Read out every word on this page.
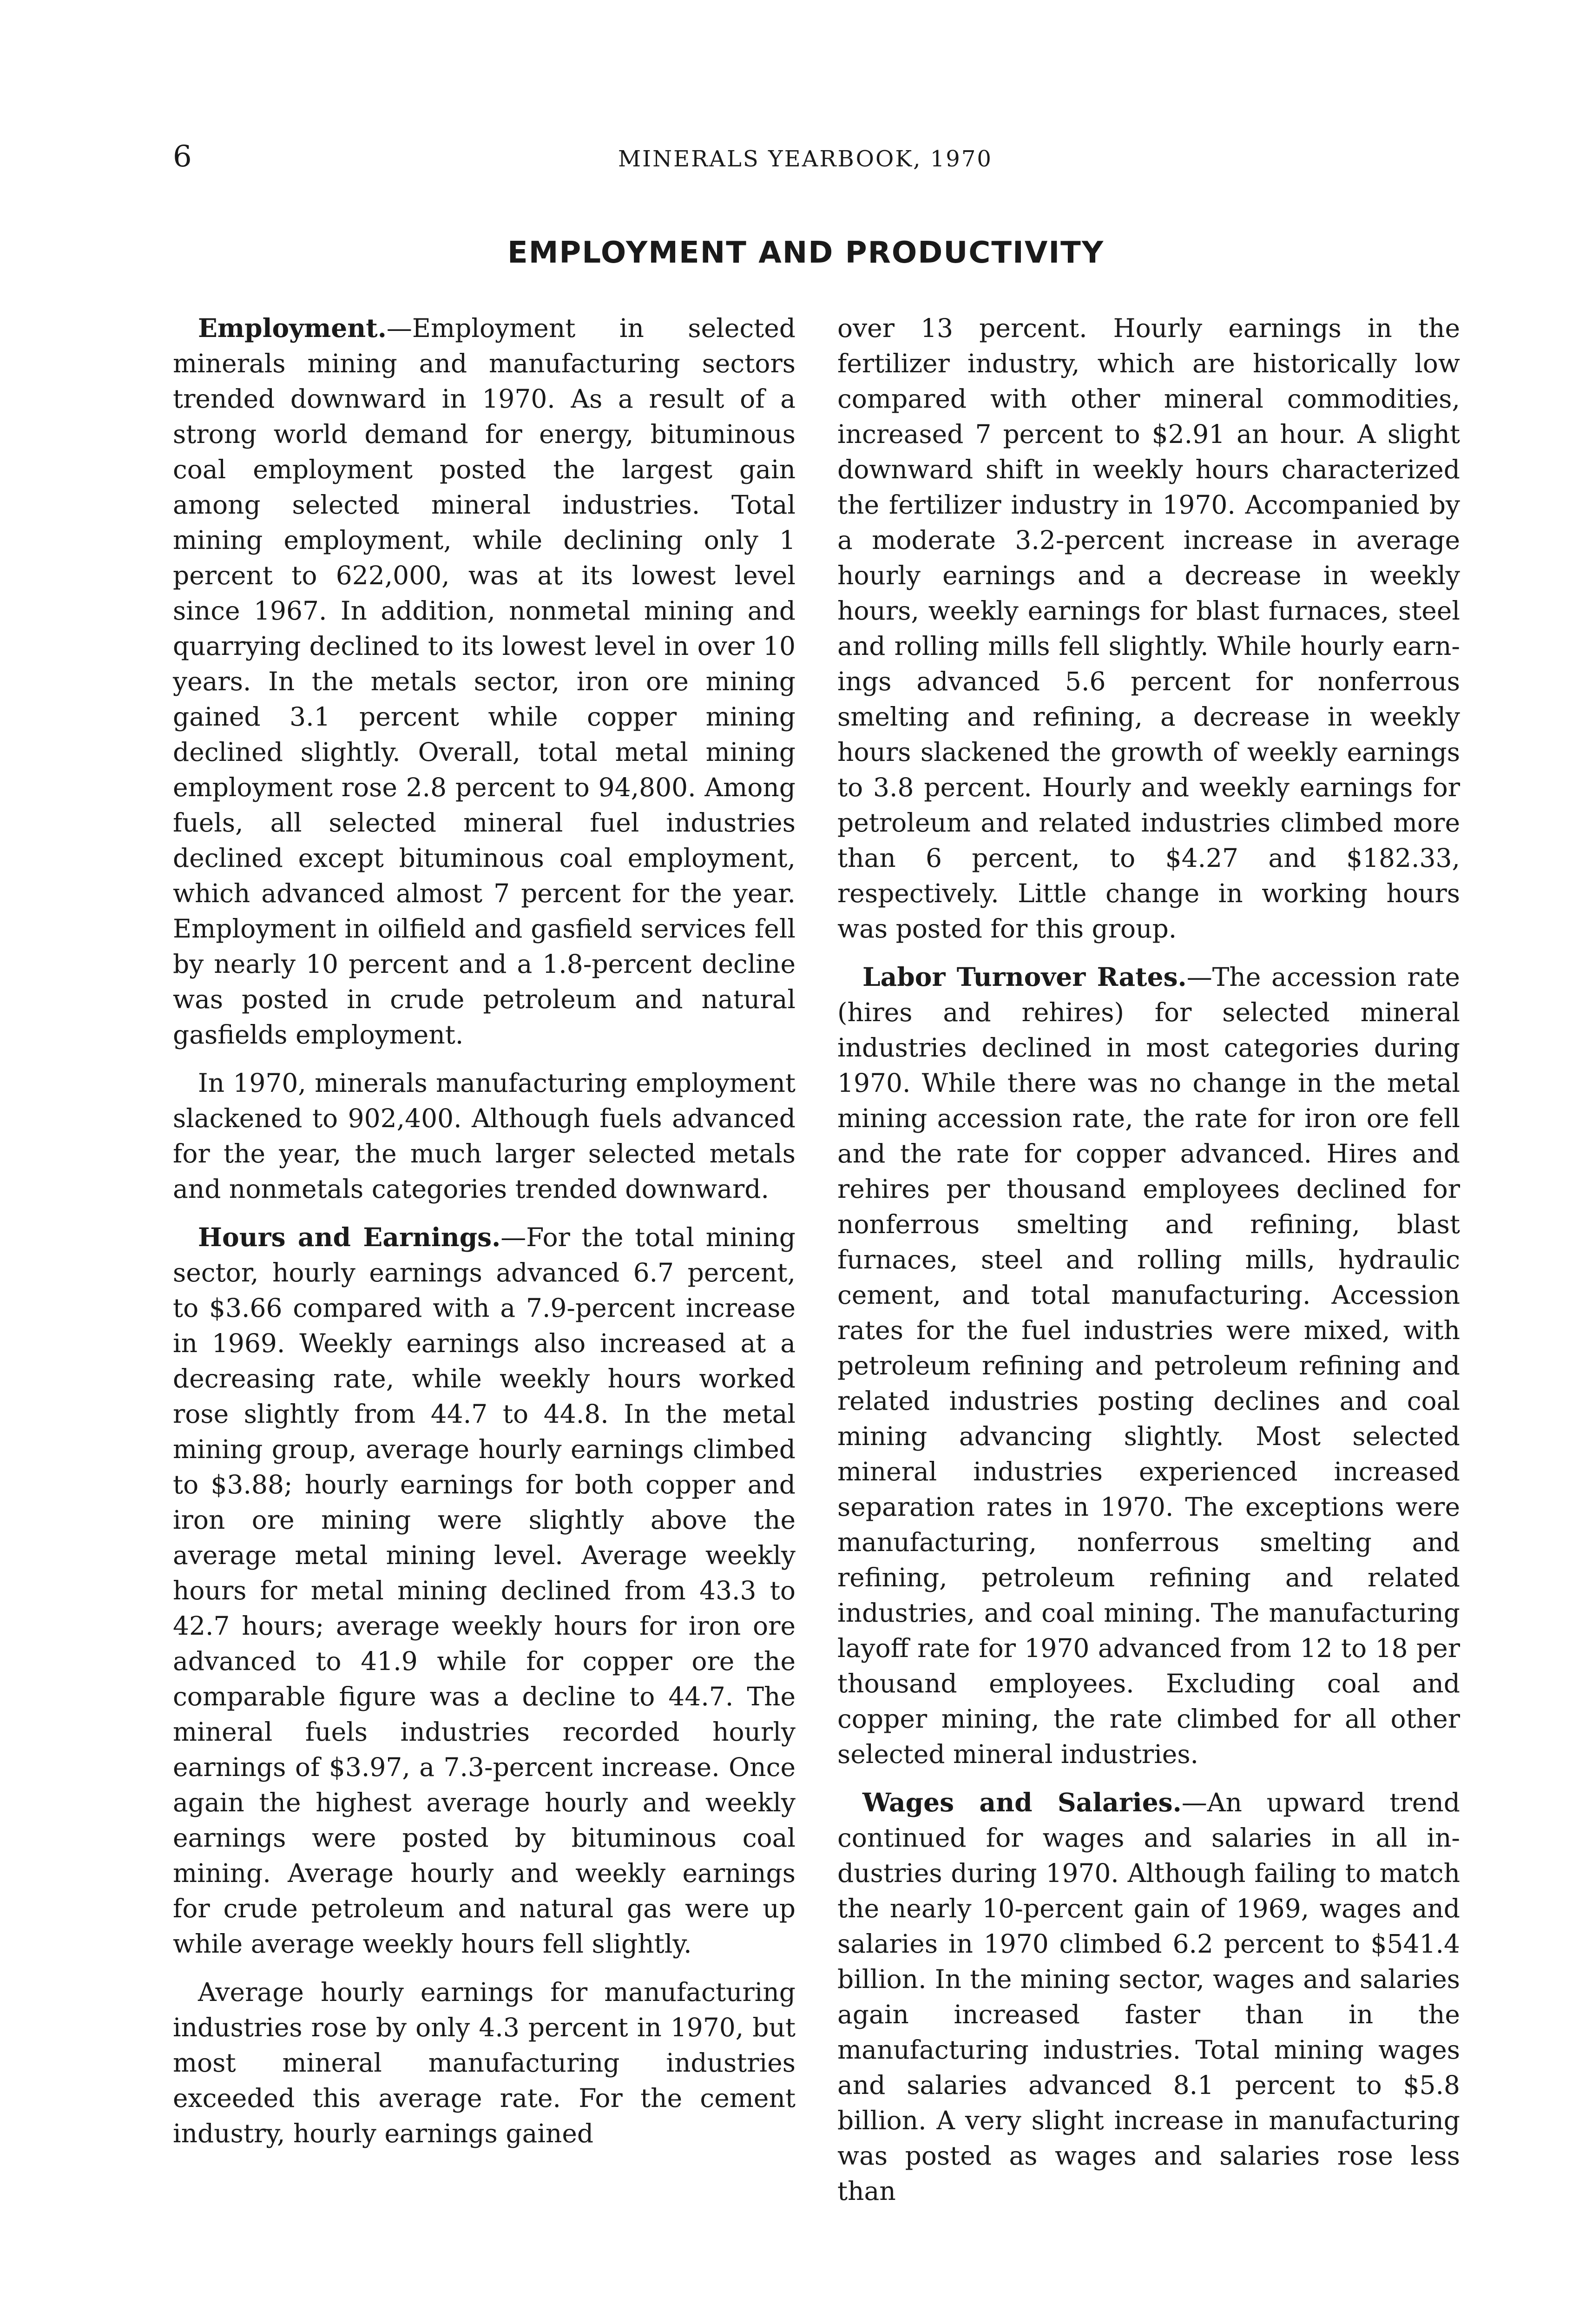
6	MINERALS YEARBOOK, 1970
EMPLOYMENT AND PRODUCTIVITY

Employment.—Employment in selected minerals mining and manufacturing sectors trended downward in 1970. As a result of a strong world demand for energy, bituminous coal employment posted the largest gain among selected mineral industries. Total mining employment, while declining only 1 percent to 622,000, was at its lowest level since 1967. In addition, nonmetal mining and quarrying declined to its lowest level in over 10 years. In the metals sector, iron ore mining gained 3.1 percent while copper mining declined slightly. Overall, total metal mining employment rose 2.8 percent to 94,800. Among fuels, all selected mineral fuel industries declined except bituminous coal employment, which advanced almost 7 percent for the year. Employment in oilfield and gasfield services fell by nearly 10 percent and a 1.8-percent decline was posted in crude petroleum and natural gasfields employment.

In 1970, minerals manufacturing employment slackened to 902,400. Although fuels advanced for the year, the much larger selected metals and nonmetals categories trended downward.

Hours and Earnings.—For the total mining sector, hourly earnings advanced 6.7 percent, to $3.66 compared with a 7.9-percent increase in 1969. Weekly earnings also increased at a decreasing rate, while weekly hours worked rose slightly from 44.7 to 44.8. In the metal mining group, average hourly earnings climbed to $3.88; hourly earnings for both copper and iron ore mining were slightly above the average metal mining level. Average weekly hours for metal mining declined from 43.3 to 42.7 hours; average weekly hours for iron ore advanced to 41.9 while for copper ore the comparable figure was a decline to 44.7. The mineral fuels industries recorded hourly earnings of $3.97, a 7.3-percent increase. Once again the highest average hourly and weekly earnings were posted by bituminous coal mining. Average hourly and weekly earnings for crude petroleum and natural gas were up while average weekly hours fell slightly.

Average hourly earnings for manufacturing industries rose by only 4.3 percent in 1970, but most mineral manufacturing industries exceeded this average rate. For the cement industry, hourly earnings gained

over 13 percent. Hourly earnings in the fertilizer industry, which are historically low compared with other mineral commodities, increased 7 percent to $2.91 an hour. A slight downward shift in weekly hours characterized the fertilizer industry in 1970. Accompanied by a moderate 3.2-percent increase in average hourly earnings and a decrease in weekly hours, weekly earnings for blast furnaces, steel and rolling mills fell slightly. While hourly earnings advanced 5.6 percent for nonferrous smelting and refining, a decrease in weekly hours slackened the growth of weekly earnings to 3.8 percent. Hourly and weekly earnings for petroleum and related industries climbed more than 6 percent, to $4.27 and $182.33, respectively. Little change in working hours was posted for this group.

Labor Turnover Rates.—The accession rate (hires and rehires) for selected mineral industries declined in most categories during 1970. While there was no change in the metal mining accession rate, the rate for iron ore fell and the rate for copper advanced. Hires and rehires per thousand employees declined for nonferrous smelting and refining, blast furnaces, steel and rolling mills, hydraulic cement, and total manufacturing. Accession rates for the fuel industries were mixed, with petroleum refining and petroleum refining and related industries posting declines and coal mining advancing slightly. Most selected mineral industries experienced increased separation rates in 1970. The exceptions were manufacturing, nonferrous smelting and refining, petroleum refining and related industries, and coal mining. The manufacturing layoff rate for 1970 advanced from 12 to 18 per thousand employees. Excluding coal and copper mining, the rate climbed for all other selected mineral industries.

Wages and Salaries.—An upward trend continued for wages and salaries in all industries during 1970. Although failing to match the nearly 10-percent gain of 1969, wages and salaries in 1970 climbed 6.2 percent to $541.4 billion. In the mining sector, wages and salaries again increased faster than in the manufacturing industries. Total mining wages and salaries advanced 8.1 percent to $5.8 billion. A very slight increase in manufacturing was posted as wages and salaries rose less than
